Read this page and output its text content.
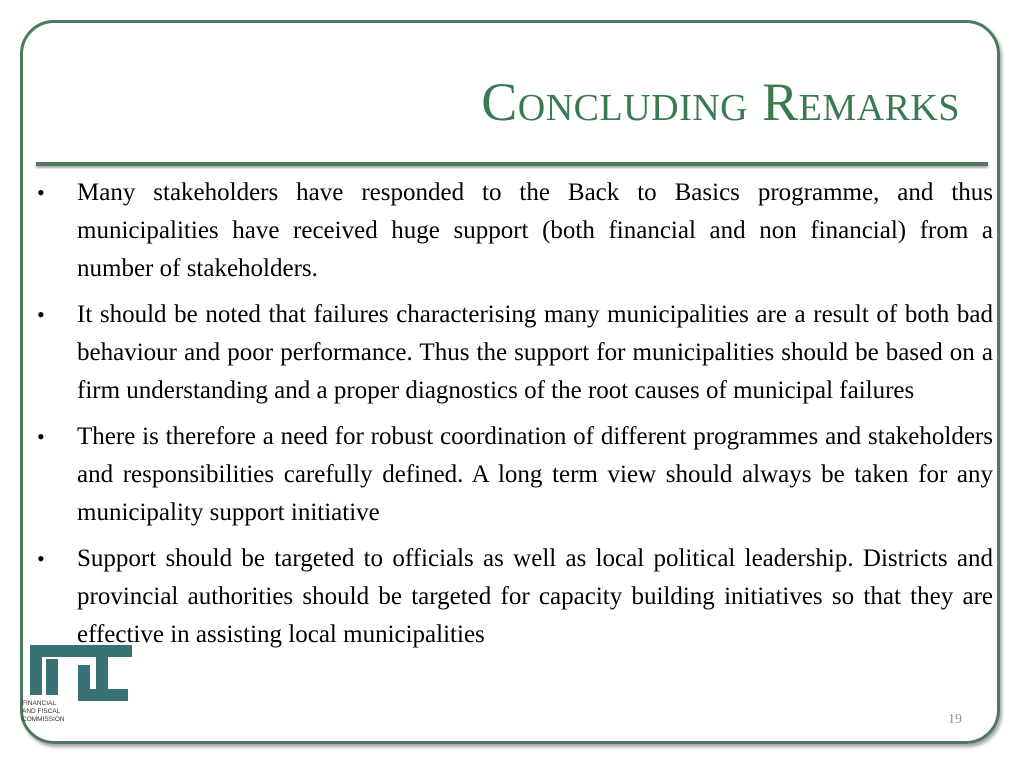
Concluding Remarks
FINANCIAL
AND FISCAL
COMMISSION
• Many stakeholders have responded to the Back to Basics programme, and thus municipalities have received huge support (both financial and non financial) from a number of stakeholders.
• It should be noted that failures characterising many municipalities are a result of both bad behaviour and poor performance. Thus the support for municipalities should be based on a firm understanding and a proper diagnostics of the root causes of municipal failures
• There is therefore a need for robust coordination of different programmes and stakeholders and responsibilities carefully defined. A long term view should always be taken for any municipality support initiative
• Support should be targeted to officials as well as local political leadership. Districts and provincial authorities should be targeted for capacity building initiatives so that they are effective in assisting local municipalities
19
